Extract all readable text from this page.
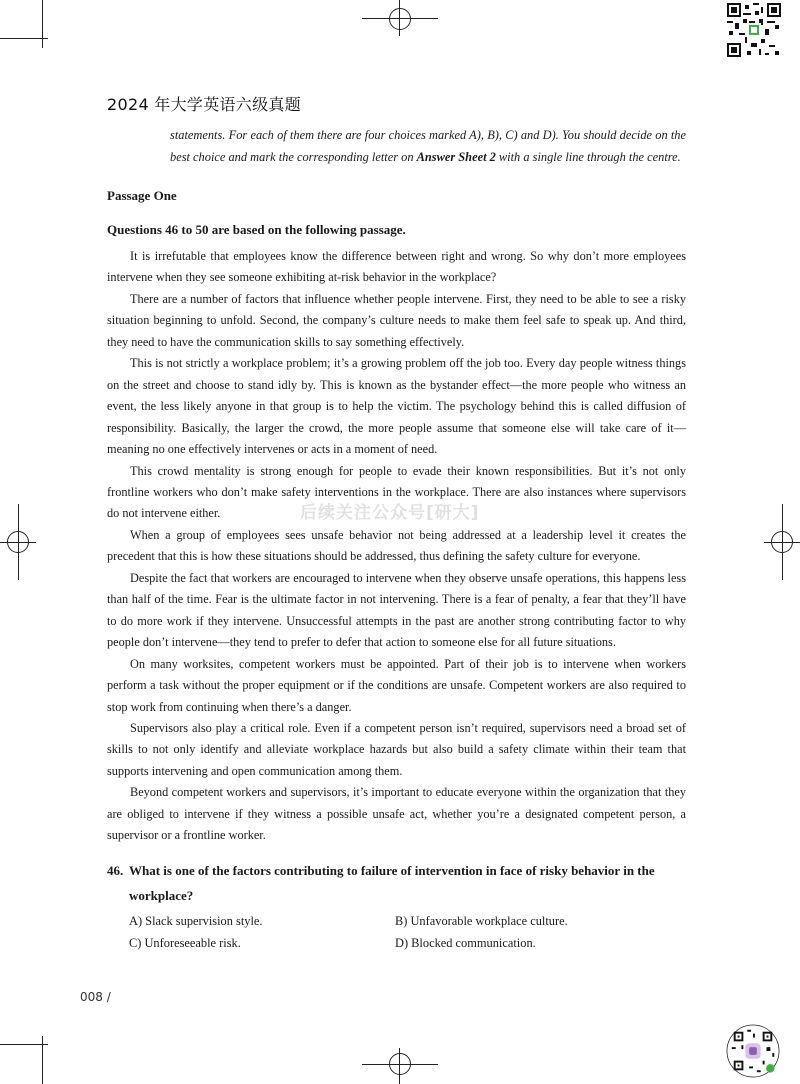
2024 年大学英语六级真题
statements. For each of them there are four choices marked A), B), C) and D). You should decide on the best choice and mark the corresponding letter on Answer Sheet 2 with a single line through the centre.
Passage One
Questions 46 to 50 are based on the following passage.

It is irrefutable that employees know the difference between right and wrong. So why don’t more employees intervene when they see someone exhibiting at-risk behavior in the workplace?

There are a number of factors that influence whether people intervene. First, they need to be able to see a risky situation beginning to unfold. Second, the company’s culture needs to make them feel safe to speak up. And third, they need to have the communication skills to say something effectively.

This is not strictly a workplace problem; it’s a growing problem off the job too. Every day people witness things on the street and choose to stand idly by. This is known as the bystander effect—the more people who witness an event, the less likely anyone in that group is to help the victim. The psychology behind this is called diffusion of responsibility. Basically, the larger the crowd, the more people assume that someone else will take care of it—meaning no one effectively intervenes or acts in a moment of need.

This crowd mentality is strong enough for people to evade their known responsibilities. But it’s not only frontline workers who don’t make safety interventions in the workplace. There are also instances where supervisors do not intervene either.

When a group of employees sees unsafe behavior not being addressed at a leadership level it creates the precedent that this is how these situations should be addressed, thus defining the safety culture for everyone.

Despite the fact that workers are encouraged to intervene when they observe unsafe operations, this happens less than half of the time. Fear is the ultimate factor in not intervening. There is a fear of penalty, a fear that they’ll have to do more work if they intervene. Unsuccessful attempts in the past are another strong contributing factor to why people don’t intervene—they tend to prefer to defer that action to someone else for all future situations.

On many worksites, competent workers must be appointed. Part of their job is to intervene when workers perform a task without the proper equipment or if the conditions are unsafe. Competent workers are also required to stop work from continuing when there’s a danger.

Supervisors also play a critical role. Even if a competent person isn’t required, supervisors need a broad set of skills to not only identify and alleviate workplace hazards but also build a safety climate within their team that supports intervening and open communication among them.

Beyond competent workers and supervisors, it’s important to educate everyone within the organization that they are obliged to intervene if they witness a possible unsafe act, whether you’re a designated competent person, a supervisor or a frontline worker.

后续关注公众号[研大]
46. What is one of the factors contributing to failure of intervention in face of risky behavior in the
workplace?
A) Slack supervision style.	B) Unfavorable workplace culture.
C) Unforeseeable risk.	D) Blocked communication.
008 /
